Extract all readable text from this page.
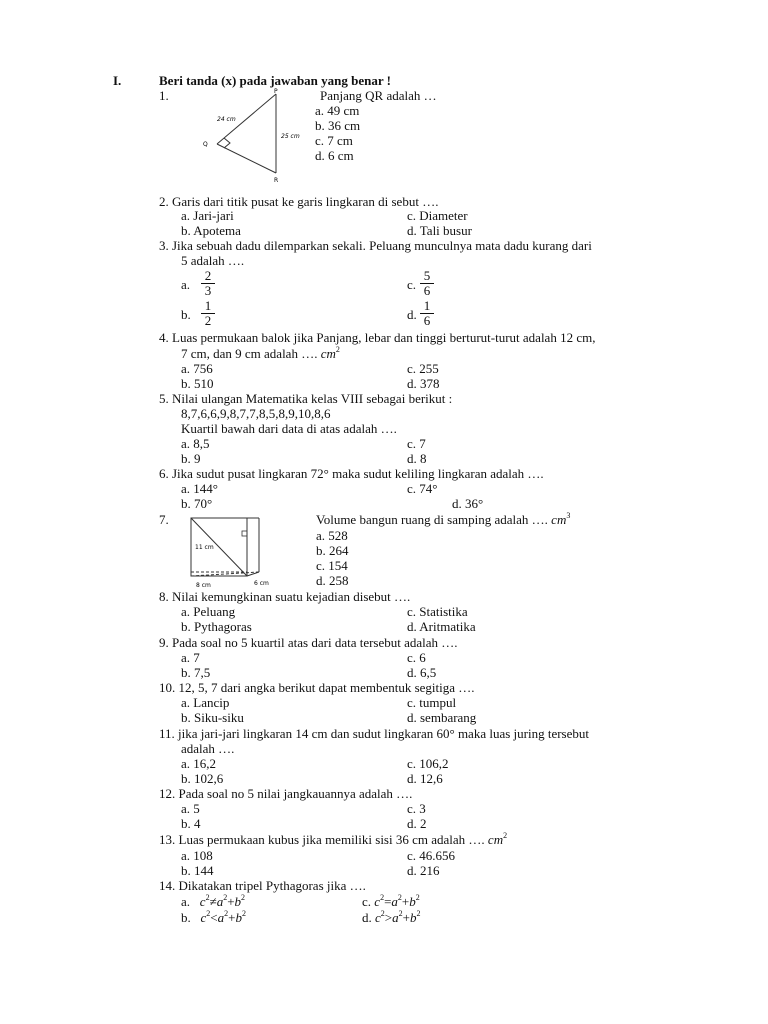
I.	Beri tanda (x) pada jawaban yang benar !
1.	P
Q
R
24 cm
25 cm
Panjang QR adalah …
a. 49 cm
b. 36 cm
c. 7 cm
d. 6 cm
2. Garis dari titik pusat ke garis lingkaran di sebut ….
a. Jari-jari
b. Apotema
c. Diameter
d. Tali busur
3. Jika sebuah dadu dilemparkan sekali. Peluang munculnya mata dadu kurang dari
5 adalah ….
a. $\frac{2}{3}$
b. $\frac{1}{2}$
c. $\frac{5}{6}$
d. $\frac{1}{6}$
4. Luas permukaan balok jika Panjang, lebar dan tinggi berturut-turut adalah 12 cm,
7 cm, dan 9 cm adalah …. $cm^2$
a. 756
b. 510
c. 255
d. 378
5. Nilai ulangan Matematika kelas VIII sebagai berikut :
8,7,6,6,9,8,7,7,8,5,8,9,10,8,6
Kuartil bawah dari data di atas adalah ….
a. 8,5
b. 9
c. 7
d. 8
6. Jika sudut pusat lingkaran 72° maka sudut keliling lingkaran adalah ….
a. 144°
b. 70°
c. 74°
d. 36°
7.
11 cm
8 cm	6 cm
Volume bangun ruang di samping adalah …. $cm^3$
a. 528
b. 264
c. 154
d. 258
8. Nilai kemungkinan suatu kejadian disebut ….
a. Peluang
b. Pythagoras
c. Statistika
d. Aritmatika
9. Pada soal no 5 kuartil atas dari data tersebut adalah ….
a. 7
b. 7,5
c. 6
d. 6,5
10. 12, 5, 7 dari angka berikut dapat membentuk segitiga ….
a. Lancip
b. Siku-siku
c. tumpul
d. sembarang
11. jika jari-jari lingkaran 14 cm dan sudut lingkaran 60° maka luas juring tersebut
adalah ….
a. 16,2
b. 102,6
c. 106,2
d. 12,6
12. Pada soal no 5 nilai jangkauannya adalah ….
a. 5
b. 4
c. 3
d. 2
13. Luas permukaan kubus jika memiliki sisi 36 cm adalah …. $cm^2$
a. 108
b. 144
c. 46.656
d. 216
14. Dikatakan tripel Pythagoras jika ….
a. $c^2\ne a^2+b^2$
b. $c^2<a^2+b^2$
c. $c^2=a^2+b^2$
d. $c^2>a^2+b^2$
